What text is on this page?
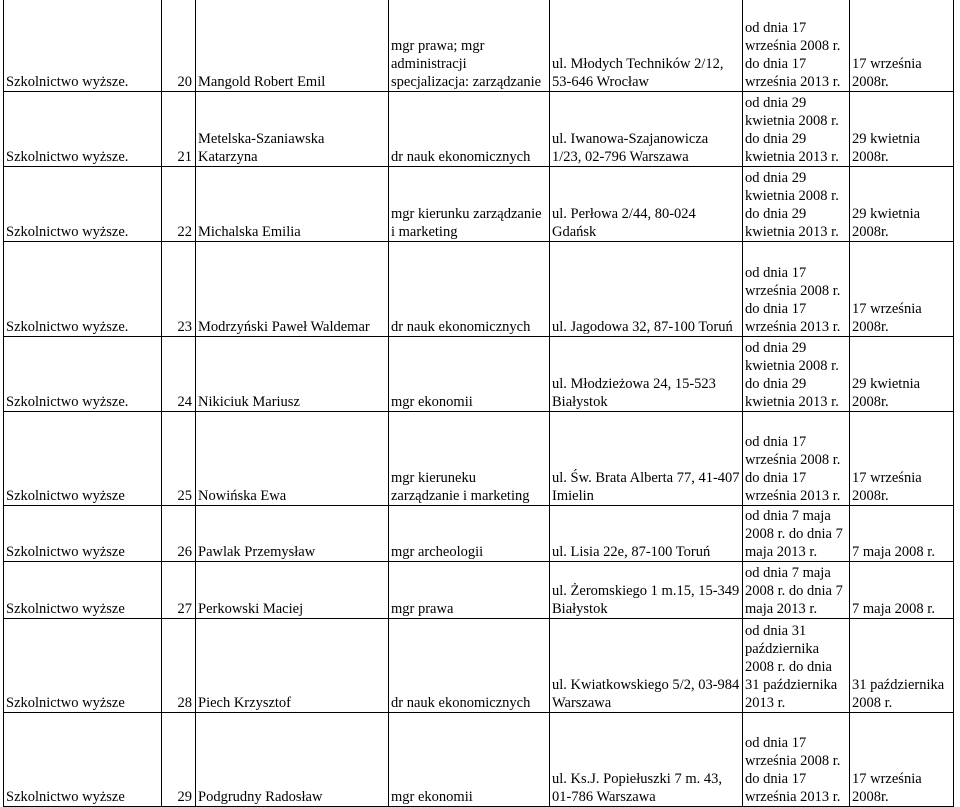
Szkolnictwo wyższe.	20	Mangold Robert Emil	mgr prawa; mgr administracji specjalizacja: zarządzanie	ul. Młodych Techników 2/12, 53-646 Wrocław	od dnia 17 września 2008 r. do dnia 17 września 2013 r.	17 września 2008r.
Szkolnictwo wyższe.	21	Metelska-Szaniawska Katarzyna	dr nauk ekonomicznych	ul. Iwanowa-Szajanowicza 1/23, 02-796 Warszawa	od dnia 29 kwietnia 2008 r. do dnia 29 kwietnia 2013 r.	29 kwietnia 2008r.
Szkolnictwo wyższe.	22	Michalska Emilia	mgr kierunku zarządzanie i marketing	ul. Perłowa 2/44, 80-024 Gdańsk	od dnia 29 kwietnia 2008 r. do dnia 29 kwietnia 2013 r.	29 kwietnia 2008r.
Szkolnictwo wyższe.	23	Modrzyński Paweł Waldemar	dr nauk ekonomicznych	ul. Jagodowa 32, 87-100 Toruń	od dnia 17 września 2008 r. do dnia 17 września 2013 r.	17 września 2008r.
Szkolnictwo wyższe.	24	Nikiciuk Mariusz	mgr ekonomii	ul. Młodzieżowa 24, 15-523 Białystok	od dnia 29 kwietnia 2008 r. do dnia 29 kwietnia 2013 r.	29 kwietnia 2008r.
Szkolnictwo wyższe	25	Nowińska Ewa	mgr kieruneku zarządzanie i marketing	ul. Św. Brata Alberta 77, 41-407 Imielin	od dnia 17 września 2008 r. do dnia 17 września 2013 r.	17 września 2008r.
Szkolnictwo wyższe	26	Pawlak Przemysław	mgr archeologii	ul. Lisia 22e, 87-100 Toruń	od dnia 7 maja 2008 r. do dnia 7 maja 2013 r.	7 maja 2008 r.
Szkolnictwo wyższe	27	Perkowski Maciej	mgr prawa	ul. Żeromskiego 1 m.15, 15-349 Białystok	od dnia 7 maja 2008 r. do dnia 7 maja 2013 r.	7 maja 2008 r.
Szkolnictwo wyższe	28	Piech Krzysztof	dr nauk ekonomicznych	ul. Kwiatkowskiego 5/2, 03-984 Warszawa	od dnia 31 października 2008 r. do dnia 31 października 2013 r.	31 października 2008 r.
Szkolnictwo wyższe	29	Podgrudny Radosław	mgr ekonomii	ul. Ks.J. Popiełuszki 7 m. 43, 01-786 Warszawa	od dnia 17 września 2008 r. do dnia 17 września 2013 r.	17 września 2008r.
